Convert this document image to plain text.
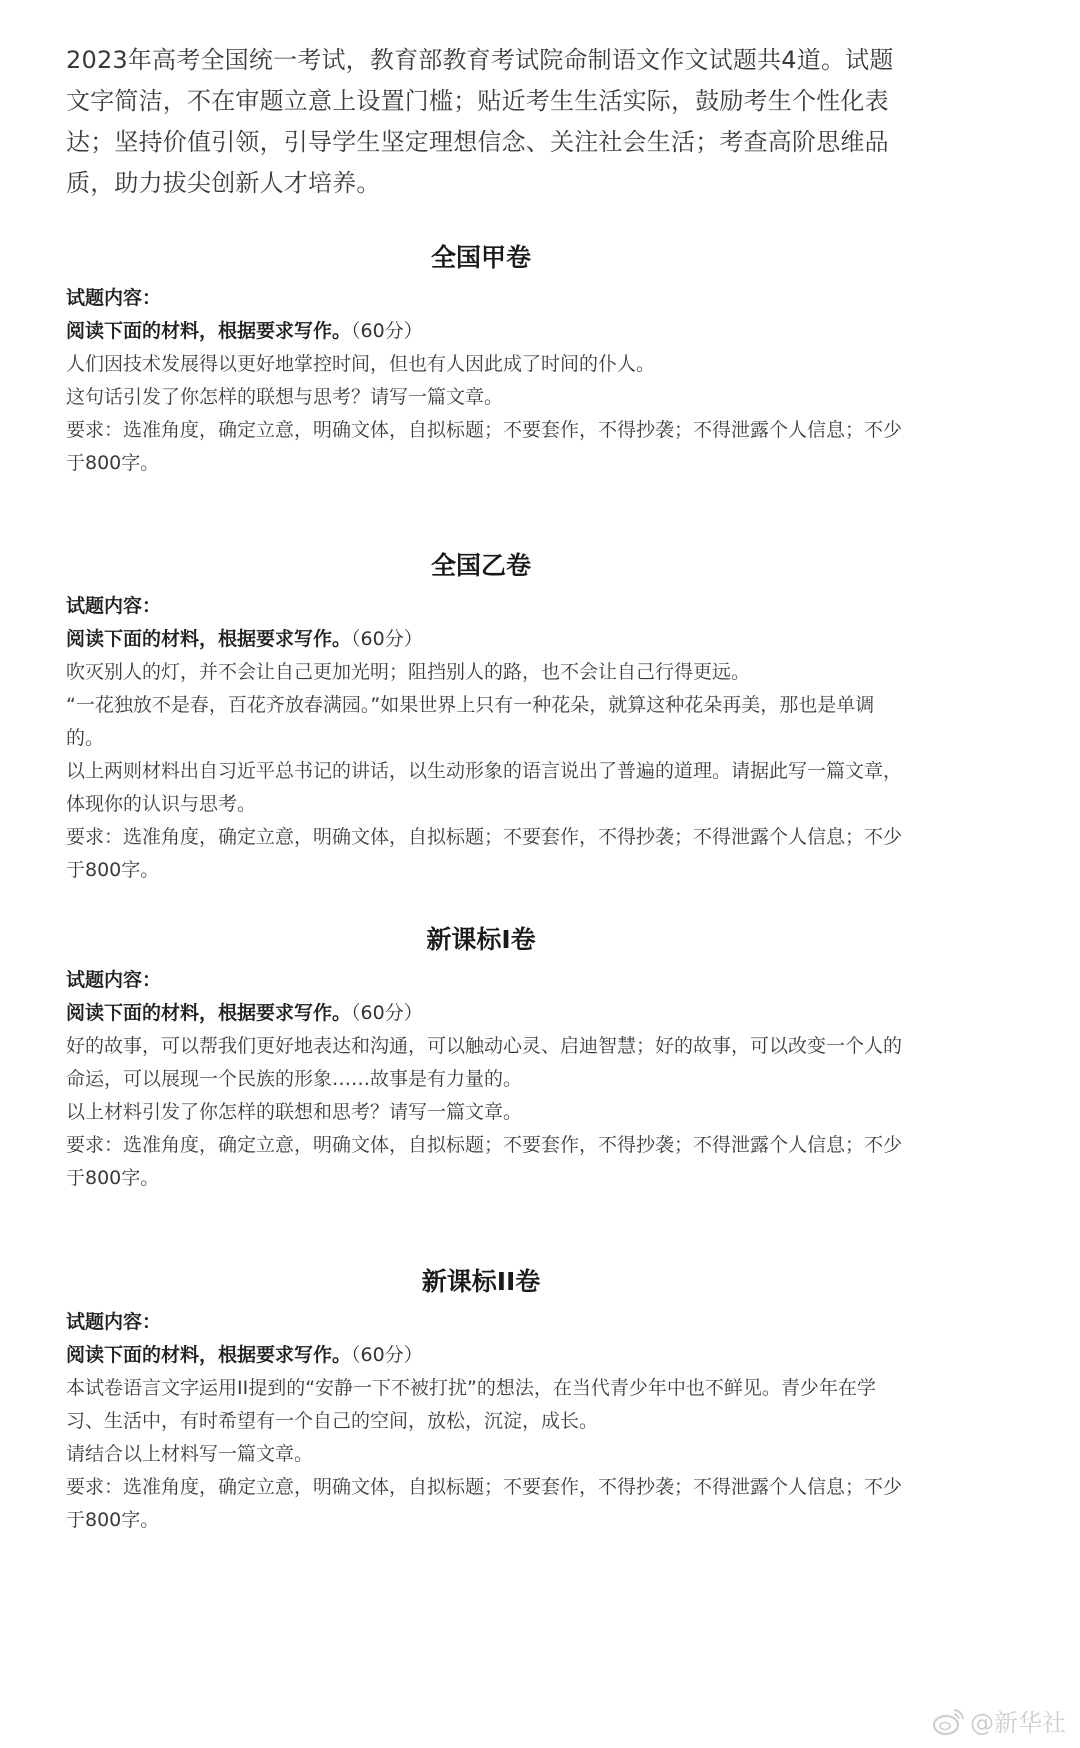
2023年高考全国统一考试，教育部教育考试院命制语文作文试题共4道。试题文字简洁，不在审题立意上设置门槛；贴近考生生活实际，鼓励考生个性化表达；坚持价值引领，引导学生坚定理想信念、关注社会生活；考查高阶思维品质，助力拔尖创新人才培养。

全国甲卷

试题内容：

阅读下面的材料，根据要求写作。（60分）

人们因技术发展得以更好地掌控时间，但也有人因此成了时间的仆人。

这句话引发了你怎样的联想与思考？请写一篇文章。

要求：选准角度，确定立意，明确文体，自拟标题；不要套作，不得抄袭；不得泄露个人信息；不少于800字。

全国乙卷

试题内容：

阅读下面的材料，根据要求写作。（60分）

吹灭别人的灯，并不会让自己更加光明；阻挡别人的路，也不会让自己行得更远。

“一花独放不是春，百花齐放春满园。”如果世界上只有一种花朵，就算这种花朵再美，那也是单调的。

以上两则材料出自习近平总书记的讲话，以生动形象的语言说出了普遍的道理。请据此写一篇文章，体现你的认识与思考。

要求：选准角度，确定立意，明确文体，自拟标题；不要套作，不得抄袭；不得泄露个人信息；不少于800字。

新课标I卷

试题内容：

阅读下面的材料，根据要求写作。（60分）

好的故事，可以帮我们更好地表达和沟通，可以触动心灵、启迪智慧；好的故事，可以改变一个人的命运，可以展现一个民族的形象……故事是有力量的。

以上材料引发了你怎样的联想和思考？请写一篇文章。

要求：选准角度，确定立意，明确文体，自拟标题；不要套作，不得抄袭；不得泄露个人信息；不少于800字。

新课标II卷

试题内容：

阅读下面的材料，根据要求写作。（60分）

本试卷语言文字运用II提到的“安静一下不被打扰”的想法，在当代青少年中也不鲜见。青少年在学习、生活中，有时希望有一个自己的空间，放松，沉淀，成长。

请结合以上材料写一篇文章。

要求：选准角度，确定立意，明确文体，自拟标题；不要套作，不得抄袭；不得泄露个人信息；不少于800字。

@新华社
